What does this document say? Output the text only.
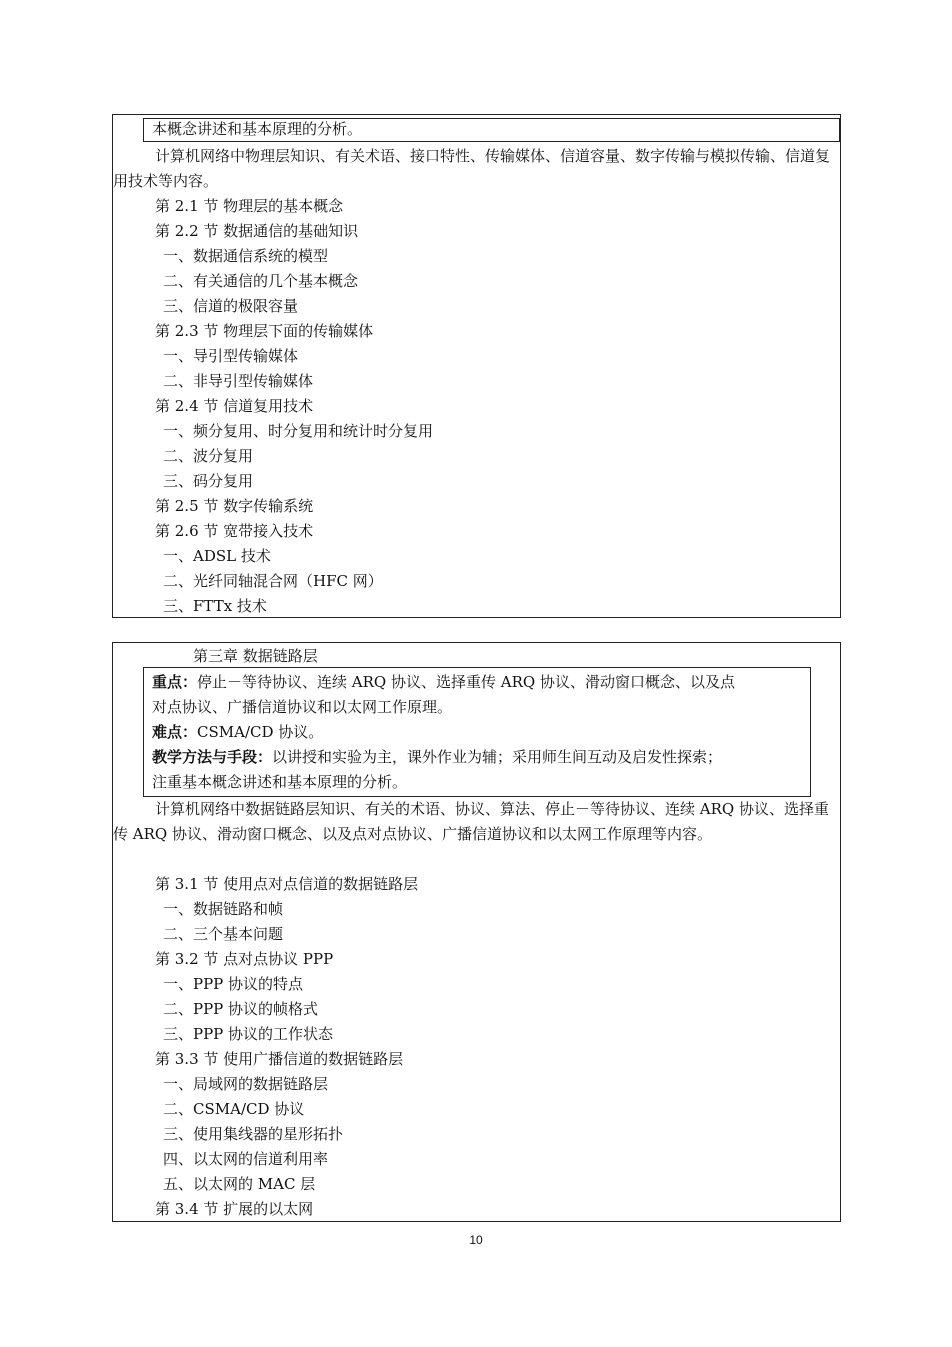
本概念讲述和基本原理的分析。
计算机网络中物理层知识、有关术语、接口特性、传输媒体、信道容量、数字传输与模拟传输、信道复用技术等内容。
第 2.1 节 物理层的基本概念
第 2.2 节 数据通信的基础知识
一、数据通信系统的模型
二、有关通信的几个基本概念
三、信道的极限容量
第 2.3 节 物理层下面的传输媒体
一、导引型传输媒体
二、非导引型传输媒体
第 2.4 节 信道复用技术
一、频分复用、时分复用和统计时分复用
二、波分复用
三、码分复用
第 2.5 节 数字传输系统
第 2.6 节 宽带接入技术
一、ADSL 技术
二、光纤同轴混合网（HFC 网）
三、FTTx 技术
第三章 数据链路层
重点：停止－等待协议、连续 ARQ 协议、选择重传 ARQ 协议、滑动窗口概念、以及点
对点协议、广播信道协议和以太网工作原理。
难点：CSMA/CD 协议。
教学方法与手段：以讲授和实验为主，课外作业为辅；采用师生间互动及启发性探索；
注重基本概念讲述和基本原理的分析。
计算机网络中数据链路层知识、有关的术语、协议、算法、停止－等待协议、连续 ARQ 协议、选择重传 ARQ 协议、滑动窗口概念、以及点对点协议、广播信道协议和以太网工作原理等内容。
第 3.1 节 使用点对点信道的数据链路层
一、数据链路和帧
二、三个基本问题
第 3.2 节 点对点协议 PPP
一、PPP 协议的特点
二、PPP 协议的帧格式
三、PPP 协议的工作状态
第 3.3 节 使用广播信道的数据链路层
一、局域网的数据链路层
二、CSMA/CD 协议
三、使用集线器的星形拓扑
四、以太网的信道利用率
五、以太网的 MAC 层
第 3.4 节 扩展的以太网
10
